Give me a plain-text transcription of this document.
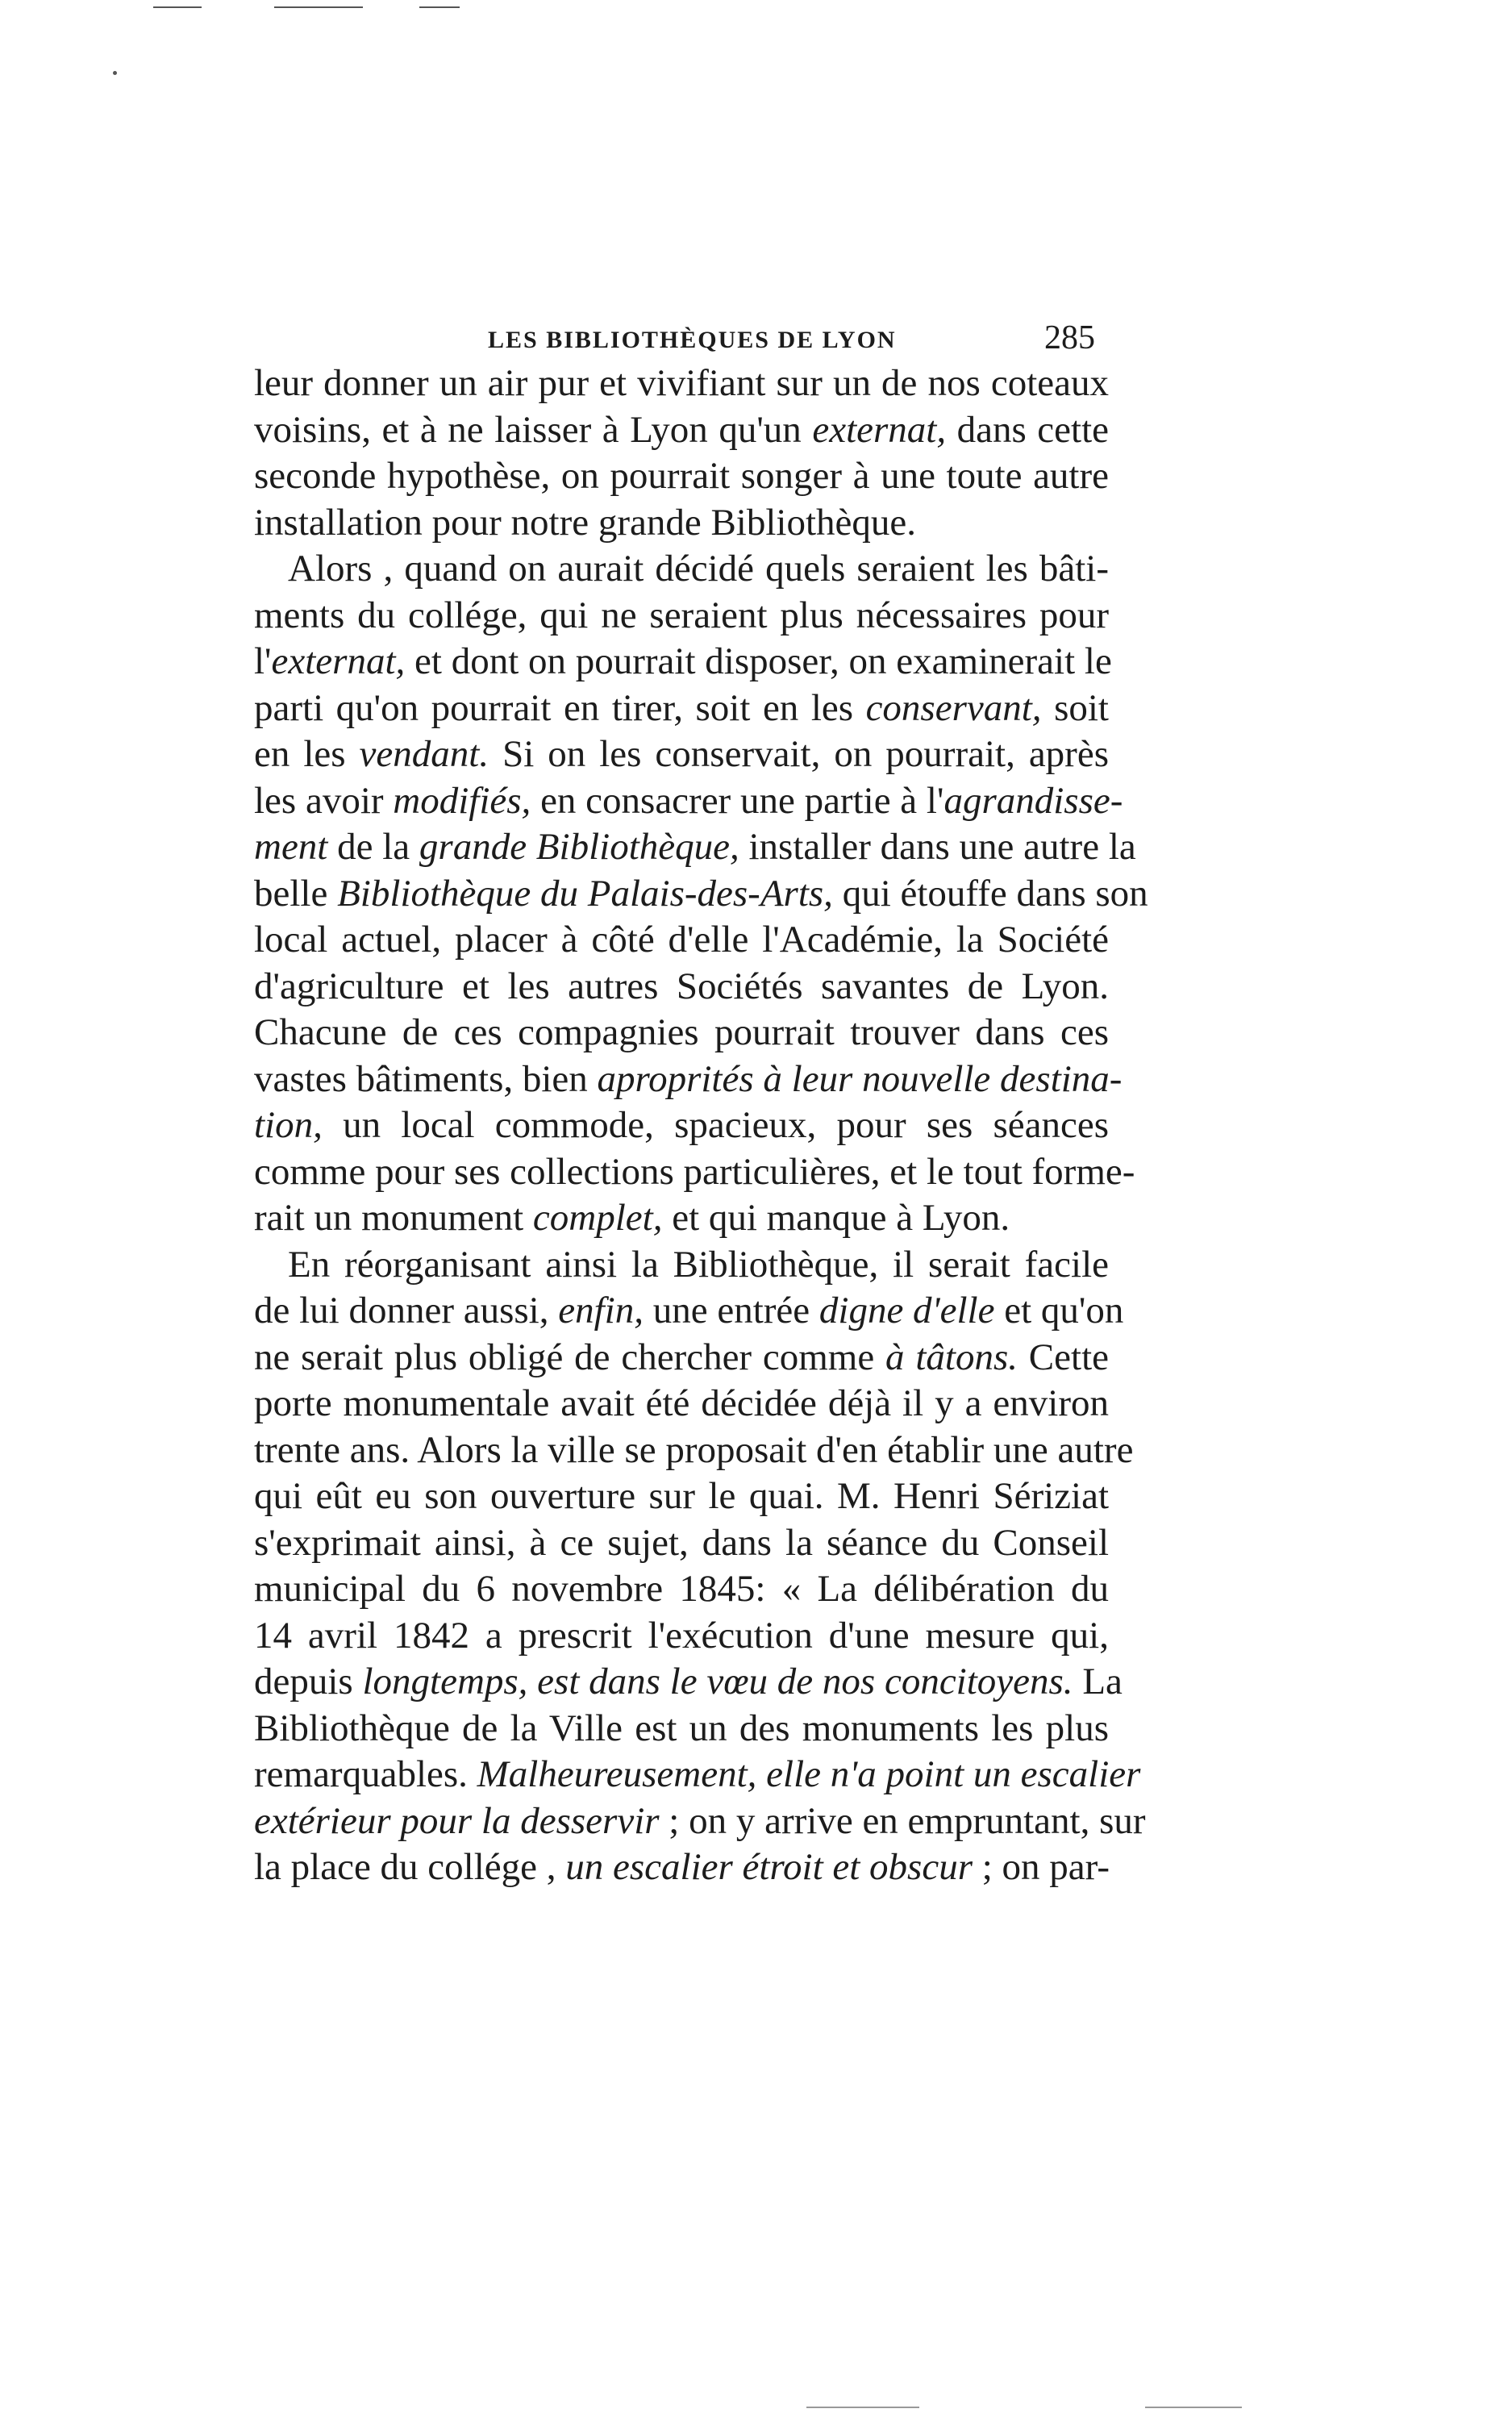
LES BIBLIOTHÈQUES DE LYON	285
leur donner un air pur et vivifiant sur un de nos coteaux
voisins, et à ne laisser à Lyon qu'un externat, dans cette
seconde hypothèse, on pourrait songer à une toute autre
installation pour notre grande Bibliothèque.
Alors , quand on aurait décidé quels seraient les bâti-
ments du collége, qui ne seraient plus nécessaires pour
l'externat, et dont on pourrait disposer, on examinerait le
parti qu'on pourrait en tirer, soit en les conservant, soit
en les vendant. Si on les conservait, on pourrait, après
les avoir modifiés, en consacrer une partie à l'agrandisse-
ment de la grande Bibliothèque, installer dans une autre la
belle Bibliothèque du Palais-des-Arts, qui étouffe dans son
local actuel, placer à côté d'elle l'Académie, la Société
d'agriculture et les autres Sociétés savantes de Lyon.
Chacune de ces compagnies pourrait trouver dans ces
vastes bâtiments, bien aproprités à leur nouvelle destina-
tion, un local commode, spacieux, pour ses séances
comme pour ses collections particulières, et le tout forme-
rait un monument complet, et qui manque à Lyon.
En réorganisant ainsi la Bibliothèque, il serait facile
de lui donner aussi, enfin, une entrée digne d'elle et qu'on
ne serait plus obligé de chercher comme à tâtons. Cette
porte monumentale avait été décidée déjà il y a environ
trente ans. Alors la ville se proposait d'en établir une autre
qui eût eu son ouverture sur le quai. M. Henri Sériziat
s'exprimait ainsi, à ce sujet, dans la séance du Conseil
municipal du 6 novembre 1845: « La délibération du
14 avril 1842 a prescrit l'exécution d'une mesure qui,
depuis longtemps, est dans le vœu de nos concitoyens. La
Bibliothèque de la Ville est un des monuments les plus
remarquables. Malheureusement, elle n'a point un escalier
extérieur pour la desservir ; on y arrive en empruntant, sur
la place du collége , un escalier étroit et obscur ; on par-
